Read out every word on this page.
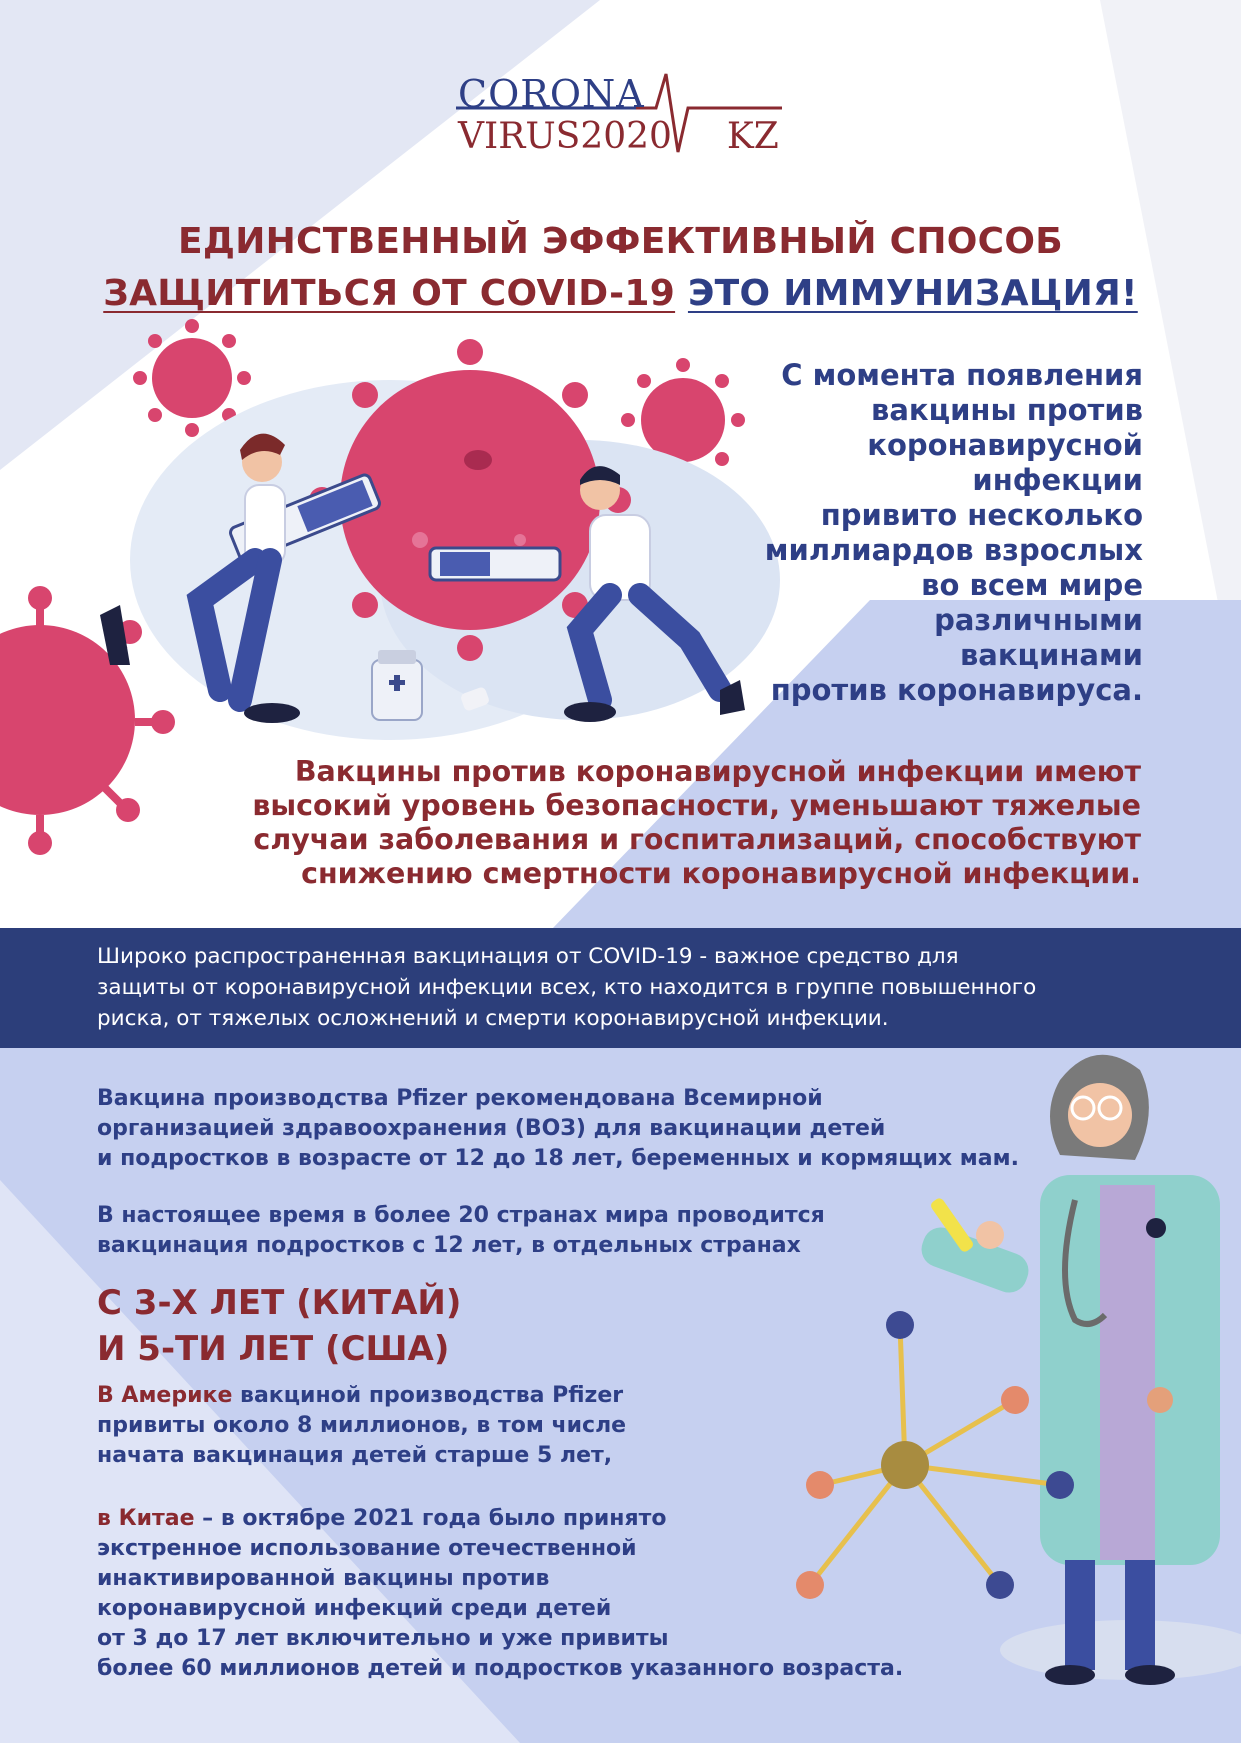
CORONA
VIRUS2020 KZ
ЕДИНСТВЕННЫЙ ЭФФЕКТИВНЫЙ СПОСОБ
ЗАЩИТИТЬСЯ ОТ COVID-19 ЭТО ИММУНИЗАЦИЯ!
С момента появления
вакцины против
коронавирусной
инфекции
привито несколько
миллиардов взрослых
во всем мире
различными
вакцинами
против коронавируса.
Вакцины против коронавирусной инфекции имеют
высокий уровень безопасности, уменьшают тяжелые
случаи заболевания и госпитализаций, способствуют
снижению смертности коронавирусной инфекции.
Широко распространенная вакцинация от COVID-19 - важное средство для
защиты от коронавирусной инфекции всех, кто находится в группе повышенного
риска, от тяжелых осложнений и смерти коронавирусной инфекции.
Вакцина производства Pfizer рекомендована Всемирной
организацией здравоохранения (ВОЗ) для вакцинации детей
и подростков в возрасте от 12 до 18 лет, беременных и кормящих мам.
В настоящее время в более 20 странах мира проводится
вакцинация подростков с 12 лет, в отдельных странах
С 3-Х ЛЕТ (КИТАЙ)
И 5-ТИ ЛЕТ (США)
В Америке вакциной производства Pfizer
привиты около 8 миллионов, в том числе
начата вакцинация детей старше 5 лет,
в Китае – в октябре 2021 года было принято
экстренное использование отечественной
инактивированной вакцины против
коронавирусной инфекций среди детей
от 3 до 17 лет включительно и уже привиты
более 60 миллионов детей и подростков указанного возраста.
